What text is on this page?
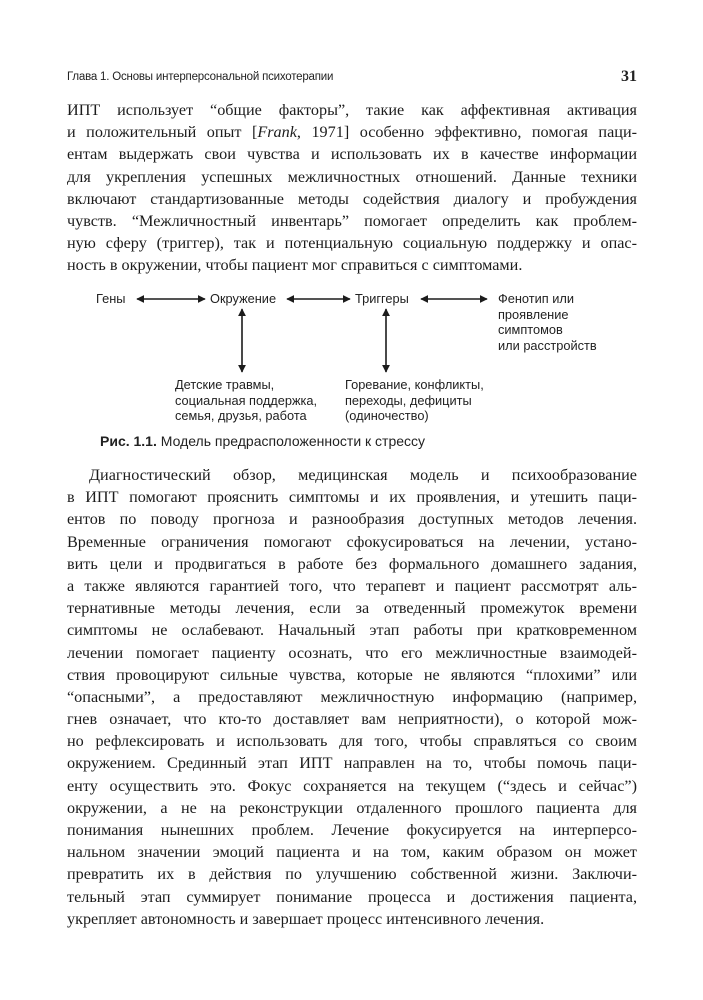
Глава 1. Основы интерперсональной психотерапии	31
ИПТ использует “общие факторы”, такие как аффективная активация
и положительный опыт [Frank, 1971] особенно эффективно, помогая паци-
ентам выдержать свои чувства и использовать их в качестве информации
для укрепления успешных межличностных отношений. Данные техники
включают стандартизованные методы содействия диалогу и пробуждения
чувств. “Межличностный инвентарь” помогает определить как проблем-
ную сферу (триггер), так и потенциальную социальную поддержку и опас-
ность в окружении, чтобы пациент мог справиться с симптомами.
Гены	Окружение	Триггеры	Фенотип или
проявление
симптомов
или расстройств
Детские травмы,
социальная поддержка,
семья, друзья, работа
Горевание, конфликты,
переходы, дефициты
(одиночество)
Рис. 1.1. Модель предрасположенности к стрессу
Диагностический обзор, медицинская модель и психообразование
в ИПТ помогают прояснить симптомы и их проявления, и утешить паци-
ентов по поводу прогноза и разнообразия доступных методов лечения.
Временные ограничения помогают сфокусироваться на лечении, устано-
вить цели и продвигаться в работе без формального домашнего задания,
а также являются гарантией того, что терапевт и пациент рассмотрят аль-
тернативные методы лечения, если за отведенный промежуток времени
симптомы не ослабевают. Начальный этап работы при кратковременном
лечении помогает пациенту осознать, что его межличностные взаимодей-
ствия провоцируют сильные чувства, которые не являются “плохими” или
“опасными”, а предоставляют межличностную информацию (например,
гнев означает, что кто-то доставляет вам неприятности), о которой мож-
но рефлексировать и использовать для того, чтобы справляться со своим
окружением. Срединный этап ИПТ направлен на то, чтобы помочь паци-
енту осуществить это. Фокус сохраняется на текущем (“здесь и сейчас”)
окружении, а не на реконструкции отдаленного прошлого пациента для
понимания нынешних проблем. Лечение фокусируется на интерперсо-
нальном значении эмоций пациента и на том, каким образом он может
превратить их в действия по улучшению собственной жизни. Заключи-
тельный этап суммирует понимание процесса и достижения пациента,
укрепляет автономность и завершает процесс интенсивного лечения.
